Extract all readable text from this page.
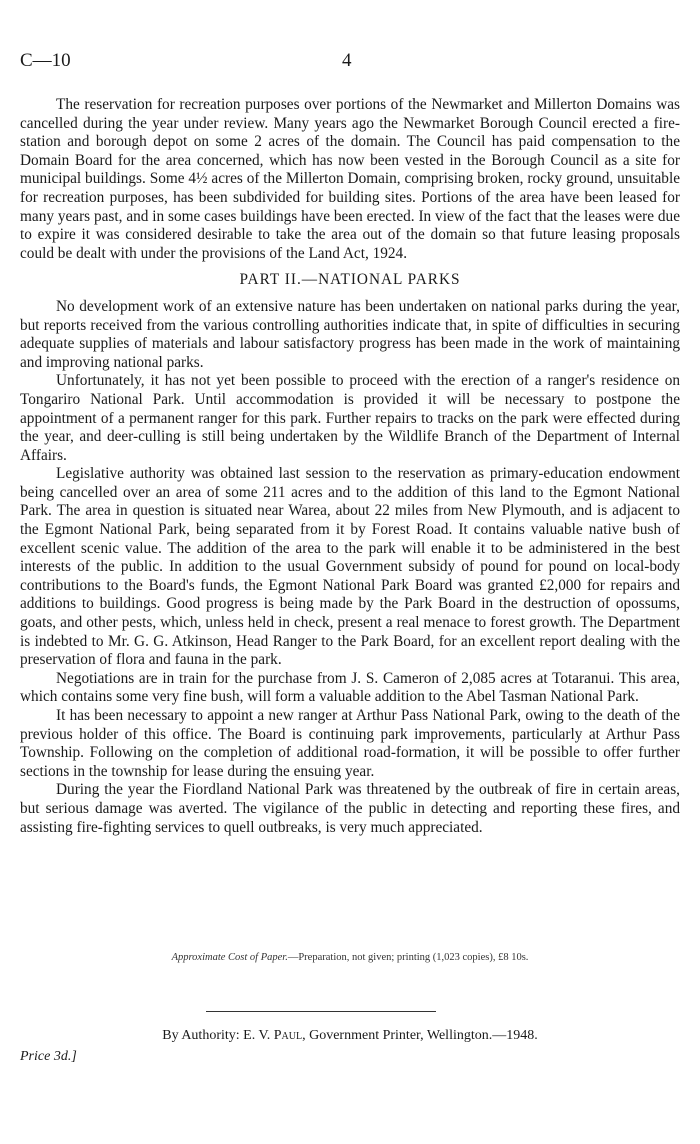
C—10	4

The reservation for recreation purposes over portions of the Newmarket and Millerton Domains was cancelled during the year under review. Many years ago the Newmarket Borough Council erected a fire-station and borough depot on some 2 acres of the domain. The Council has paid compensation to the Domain Board for the area concerned, which has now been vested in the Borough Council as a site for municipal buildings. Some 4½ acres of the Millerton Domain, comprising broken, rocky ground, unsuitable for recreation purposes, has been subdivided for building sites. Portions of the area have been leased for many years past, and in some cases buildings have been erected. In view of the fact that the leases were due to expire it was considered desirable to take the area out of the domain so that future leasing proposals could be dealt with under the provisions of the Land Act, 1924.

PART II.—NATIONAL PARKS

No development work of an extensive nature has been undertaken on national parks during the year, but reports received from the various controlling authorities indicate that, in spite of difficulties in securing adequate supplies of materials and labour satisfactory progress has been made in the work of maintaining and improving national parks.

Unfortunately, it has not yet been possible to proceed with the erection of a ranger's residence on Tongariro National Park. Until accommodation is provided it will be necessary to postpone the appointment of a permanent ranger for this park. Further repairs to tracks on the park were effected during the year, and deer-culling is still being undertaken by the Wildlife Branch of the Department of Internal Affairs.

Legislative authority was obtained last session to the reservation as primary-education endowment being cancelled over an area of some 211 acres and to the addition of this land to the Egmont National Park. The area in question is situated near Warea, about 22 miles from New Plymouth, and is adjacent to the Egmont National Park, being separated from it by Forest Road. It contains valuable native bush of excellent scenic value. The addition of the area to the park will enable it to be administered in the best interests of the public. In addition to the usual Government subsidy of pound for pound on local-body contributions to the Board's funds, the Egmont National Park Board was granted £2,000 for repairs and additions to buildings. Good progress is being made by the Park Board in the destruction of opossums, goats, and other pests, which, unless held in check, present a real menace to forest growth. The Department is indebted to Mr. G. G. Atkinson, Head Ranger to the Park Board, for an excellent report dealing with the preservation of flora and fauna in the park.

Negotiations are in train for the purchase from J. S. Cameron of 2,085 acres at Totaranui. This area, which contains some very fine bush, will form a valuable addition to the Abel Tasman National Park.

It has been necessary to appoint a new ranger at Arthur Pass National Park, owing to the death of the previous holder of this office. The Board is continuing park improvements, particularly at Arthur Pass Township. Following on the completion of additional road-formation, it will be possible to offer further sections in the township for lease during the ensuing year.

During the year the Fiordland National Park was threatened by the outbreak of fire in certain areas, but serious damage was averted. The vigilance of the public in detecting and reporting these fires, and assisting fire-fighting services to quell outbreaks, is very much appreciated.

Approximate Cost of Paper.—Preparation, not given; printing (1,023 copies), £8 10s.
By Authority: E. V. Paul, Government Printer, Wellington.—1948.
Price 3d.]
